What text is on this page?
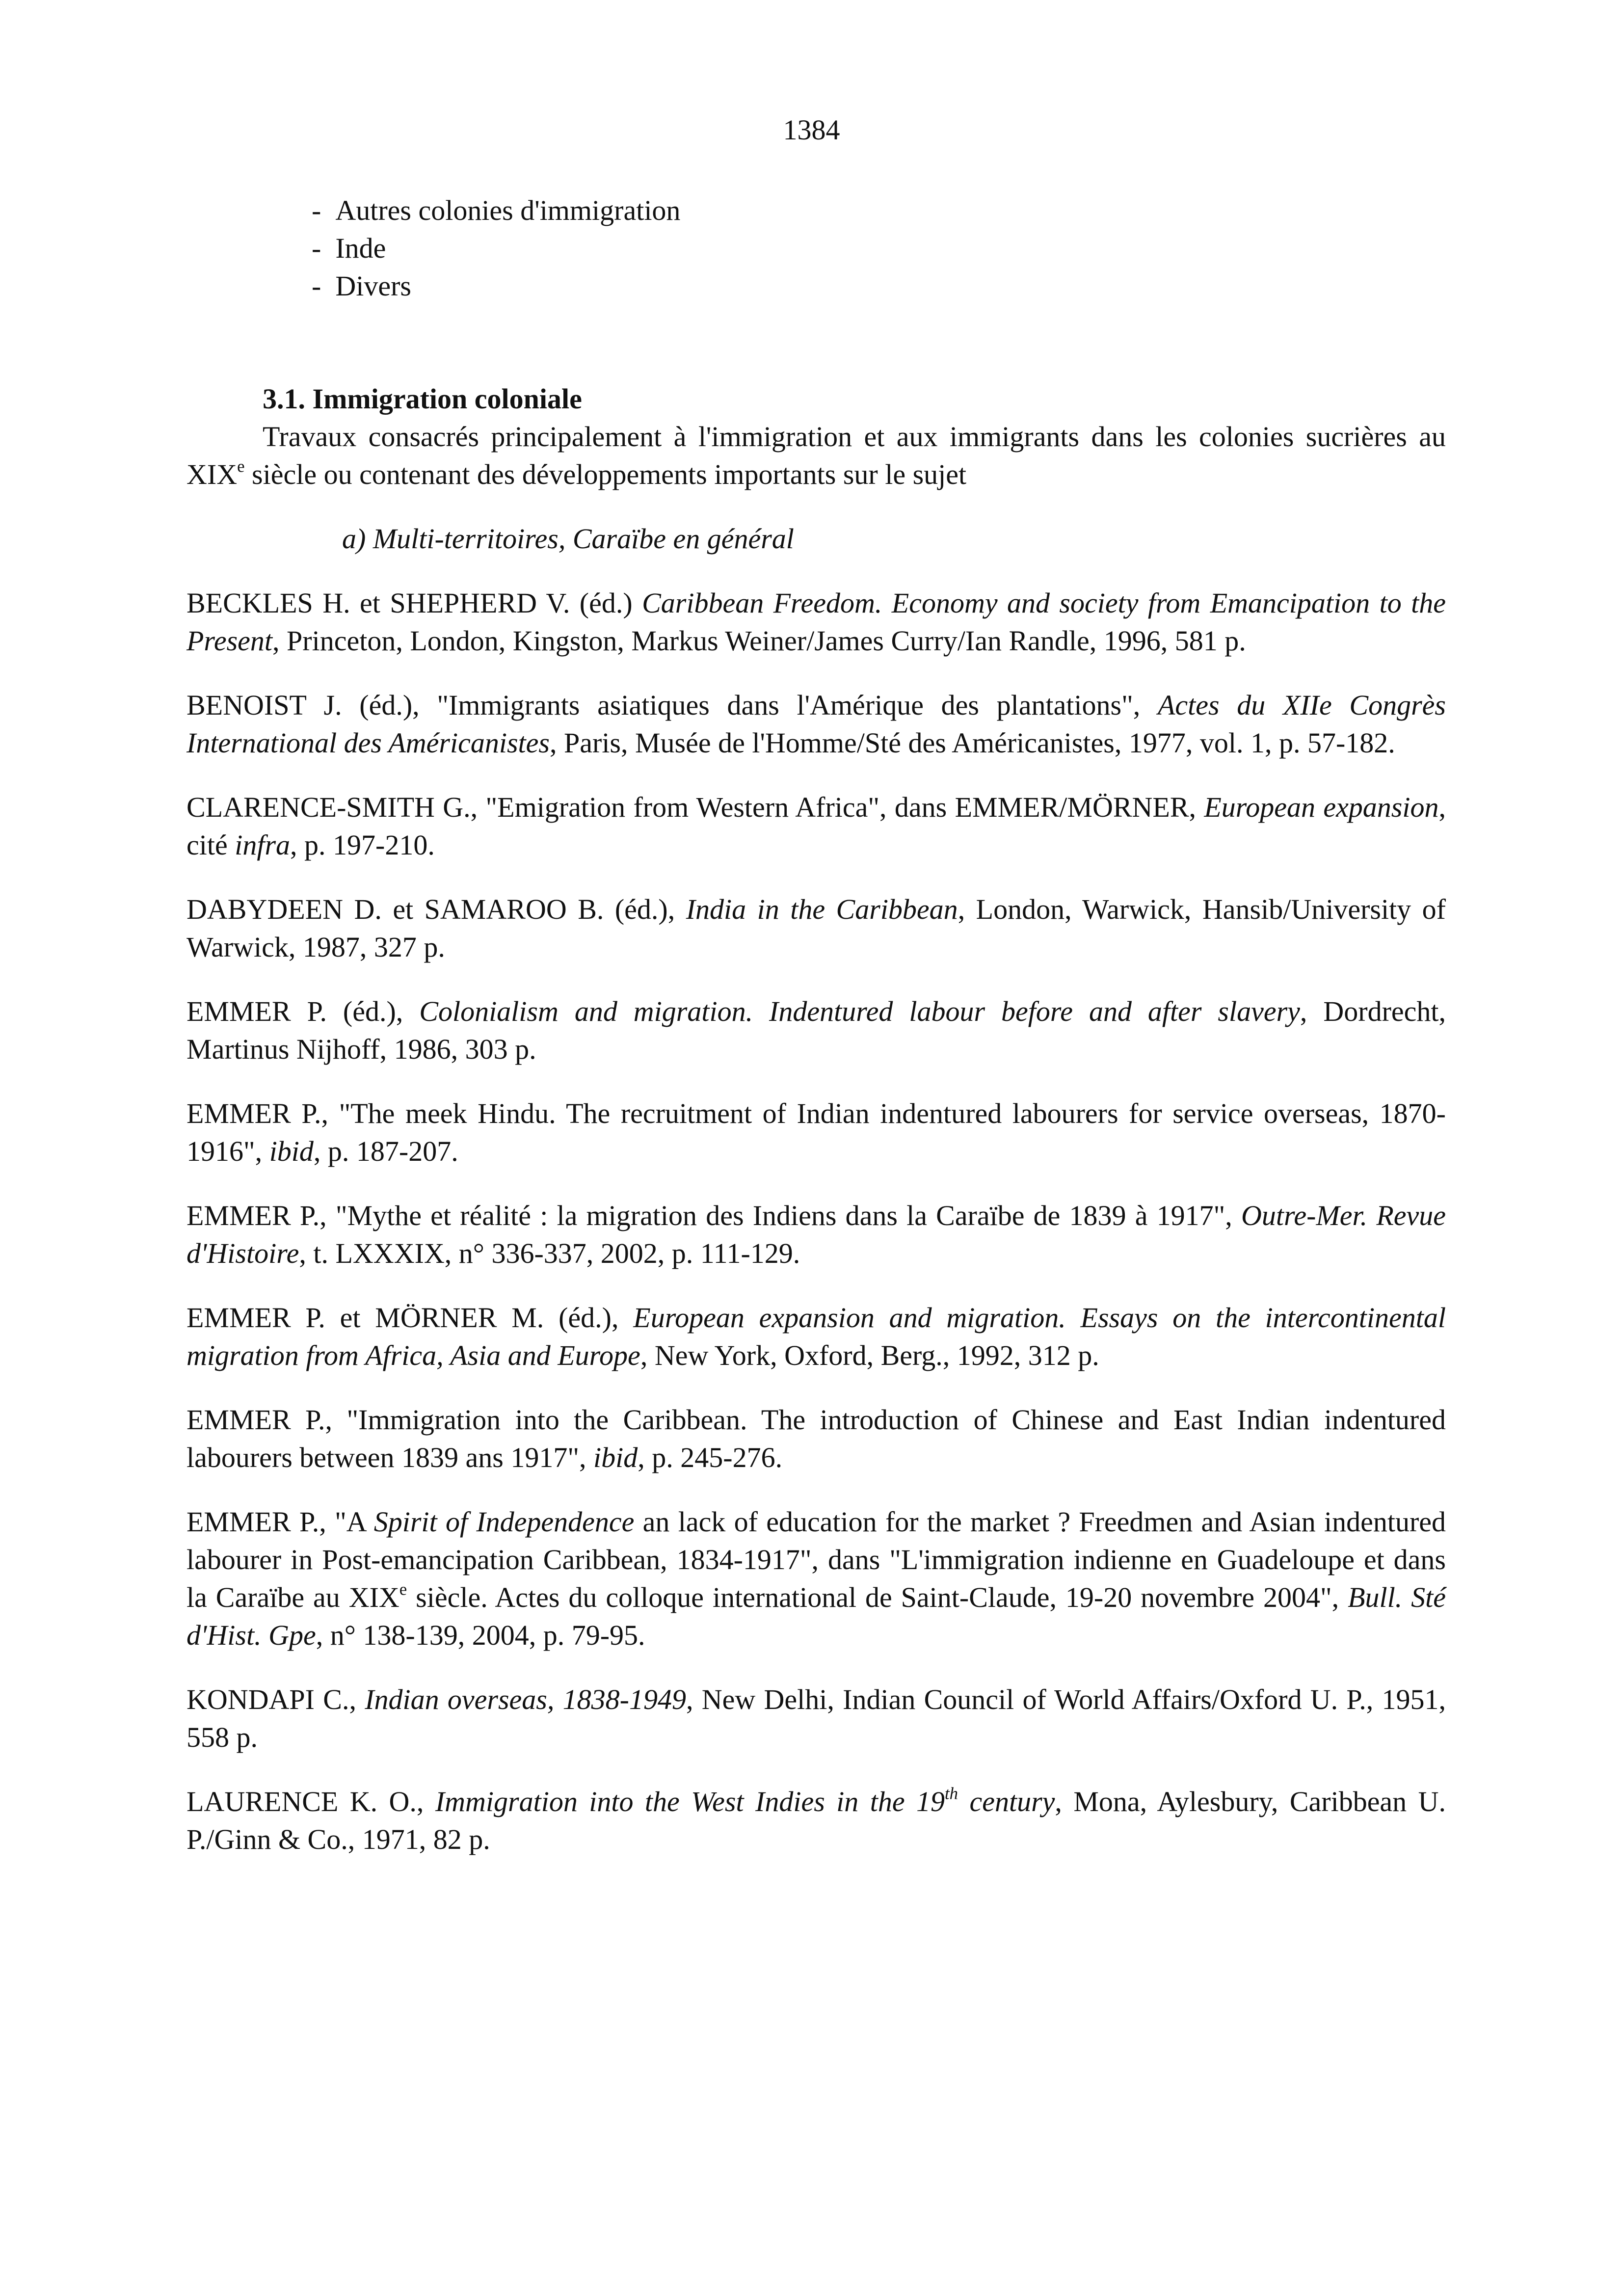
1384
-  Autres colonies d'immigration
-  Inde
-  Divers
3.1. Immigration coloniale

Travaux consacrés principalement à l'immigration et aux immigrants dans les colonies sucrières au XIXe siècle ou contenant des développements importants sur le sujet

a) Multi-territoires, Caraïbe en général

BECKLES H. et SHEPHERD V. (éd.) Caribbean Freedom. Economy and society from Emancipation to the Present, Princeton, London, Kingston, Markus Weiner/James Curry/Ian Randle, 1996, 581 p.

BENOIST J. (éd.), "Immigrants asiatiques dans l'Amérique des plantations", Actes du XIIe Congrès International des Américanistes, Paris, Musée de l'Homme/Sté des Américanistes, 1977, vol. 1, p. 57-182.

CLARENCE-SMITH G., "Emigration from Western Africa", dans EMMER/MÖRNER, European expansion, cité infra, p. 197-210.

DABYDEEN D. et SAMAROO B. (éd.), India in the Caribbean, London, Warwick, Hansib/University of Warwick, 1987, 327 p.

EMMER P. (éd.), Colonialism and migration. Indentured labour before and after slavery, Dordrecht, Martinus Nijhoff, 1986, 303 p.

EMMER P., "The meek Hindu. The recruitment of Indian indentured labourers for service overseas, 1870-1916", ibid, p. 187-207.

EMMER P., "Mythe et réalité : la migration des Indiens dans la Caraïbe de 1839 à 1917", Outre-Mer. Revue d'Histoire, t. LXXXIX, n° 336-337, 2002, p. 111-129.

EMMER P. et MÖRNER M. (éd.), European expansion and migration. Essays on the intercontinental migration from Africa, Asia and Europe, New York, Oxford, Berg., 1992, 312 p.

EMMER P., "Immigration into the Caribbean. The introduction of Chinese and East Indian indentured labourers between 1839 ans 1917", ibid, p. 245-276.

EMMER P., "A Spirit of Independence an lack of education for the market ? Freedmen and Asian indentured labourer in Post-emancipation Caribbean, 1834-1917", dans "L'immigration indienne en Guadeloupe et dans la Caraïbe au XIXe siècle. Actes du colloque international de Saint-Claude, 19-20 novembre 2004", Bull. Sté d'Hist. Gpe, n° 138-139, 2004, p. 79-95.

KONDAPI C., Indian overseas, 1838-1949, New Delhi, Indian Council of World Affairs/Oxford U. P., 1951, 558 p.

LAURENCE K. O., Immigration into the West Indies in the 19th century, Mona, Aylesbury, Caribbean U. P./Ginn & Co., 1971, 82 p.
